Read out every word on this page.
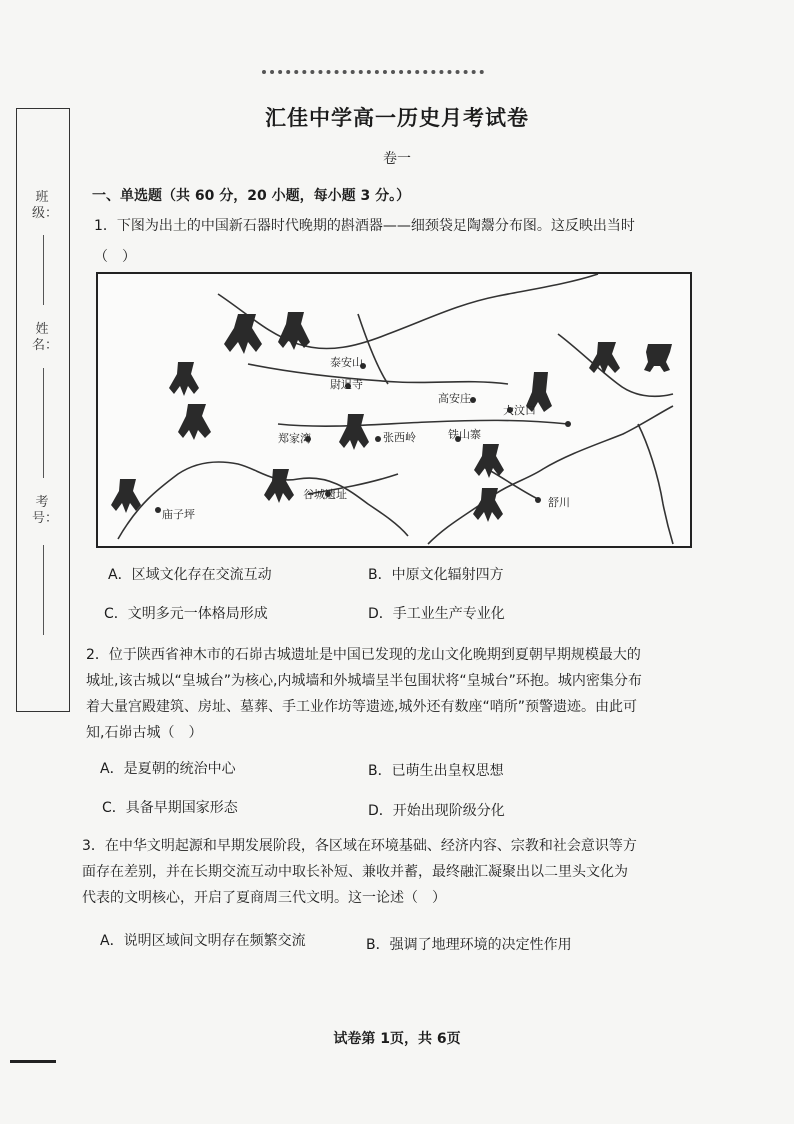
班级：
姓名：
考号：
汇佳中学高一历史月考试卷
卷一
一、单选题（共 60 分，20 小题，每小题 3 分。）
1．下图为出土的中国新石器时代晚期的斟酒器——细颈袋足陶鬶分布图。这反映出当时
（　）
泰安山
尉迟寺
高安庄
大汶口
郑家湾	张西岭	铁山寨
谷城遗址
庙子坪
舒川
A．区域文化存在交流互动	B．中原文化辐射四方
C．文明多元一体格局形成	D．手工业生产专业化
2．位于陕西省神木市的石峁古城遗址是中国已发现的龙山文化晚期到夏朝早期规模最大的
城址,该古城以“皇城台”为核心,内城墙和外城墙呈半包围状将“皇城台”环抱。城内密集分布
着大量宫殿建筑、房址、墓葬、手工业作坊等遗迹,城外还有数座“哨所”预警遗迹。由此可
知,石峁古城（　）
A．是夏朝的统治中心	B．已萌生出皇权思想
C．具备早期国家形态	D．开始出现阶级分化
3．在中华文明起源和早期发展阶段，各区域在环境基础、经济内容、宗教和社会意识等方
面存在差别，并在长期交流互动中取长补短、兼收并蓄，最终融汇凝聚出以二里头文化为
代表的文明核心，开启了夏商周三代文明。这一论述（　）
A．说明区域间文明存在频繁交流	B．强调了地理环境的决定性作用
试卷第 1页，共 6页
